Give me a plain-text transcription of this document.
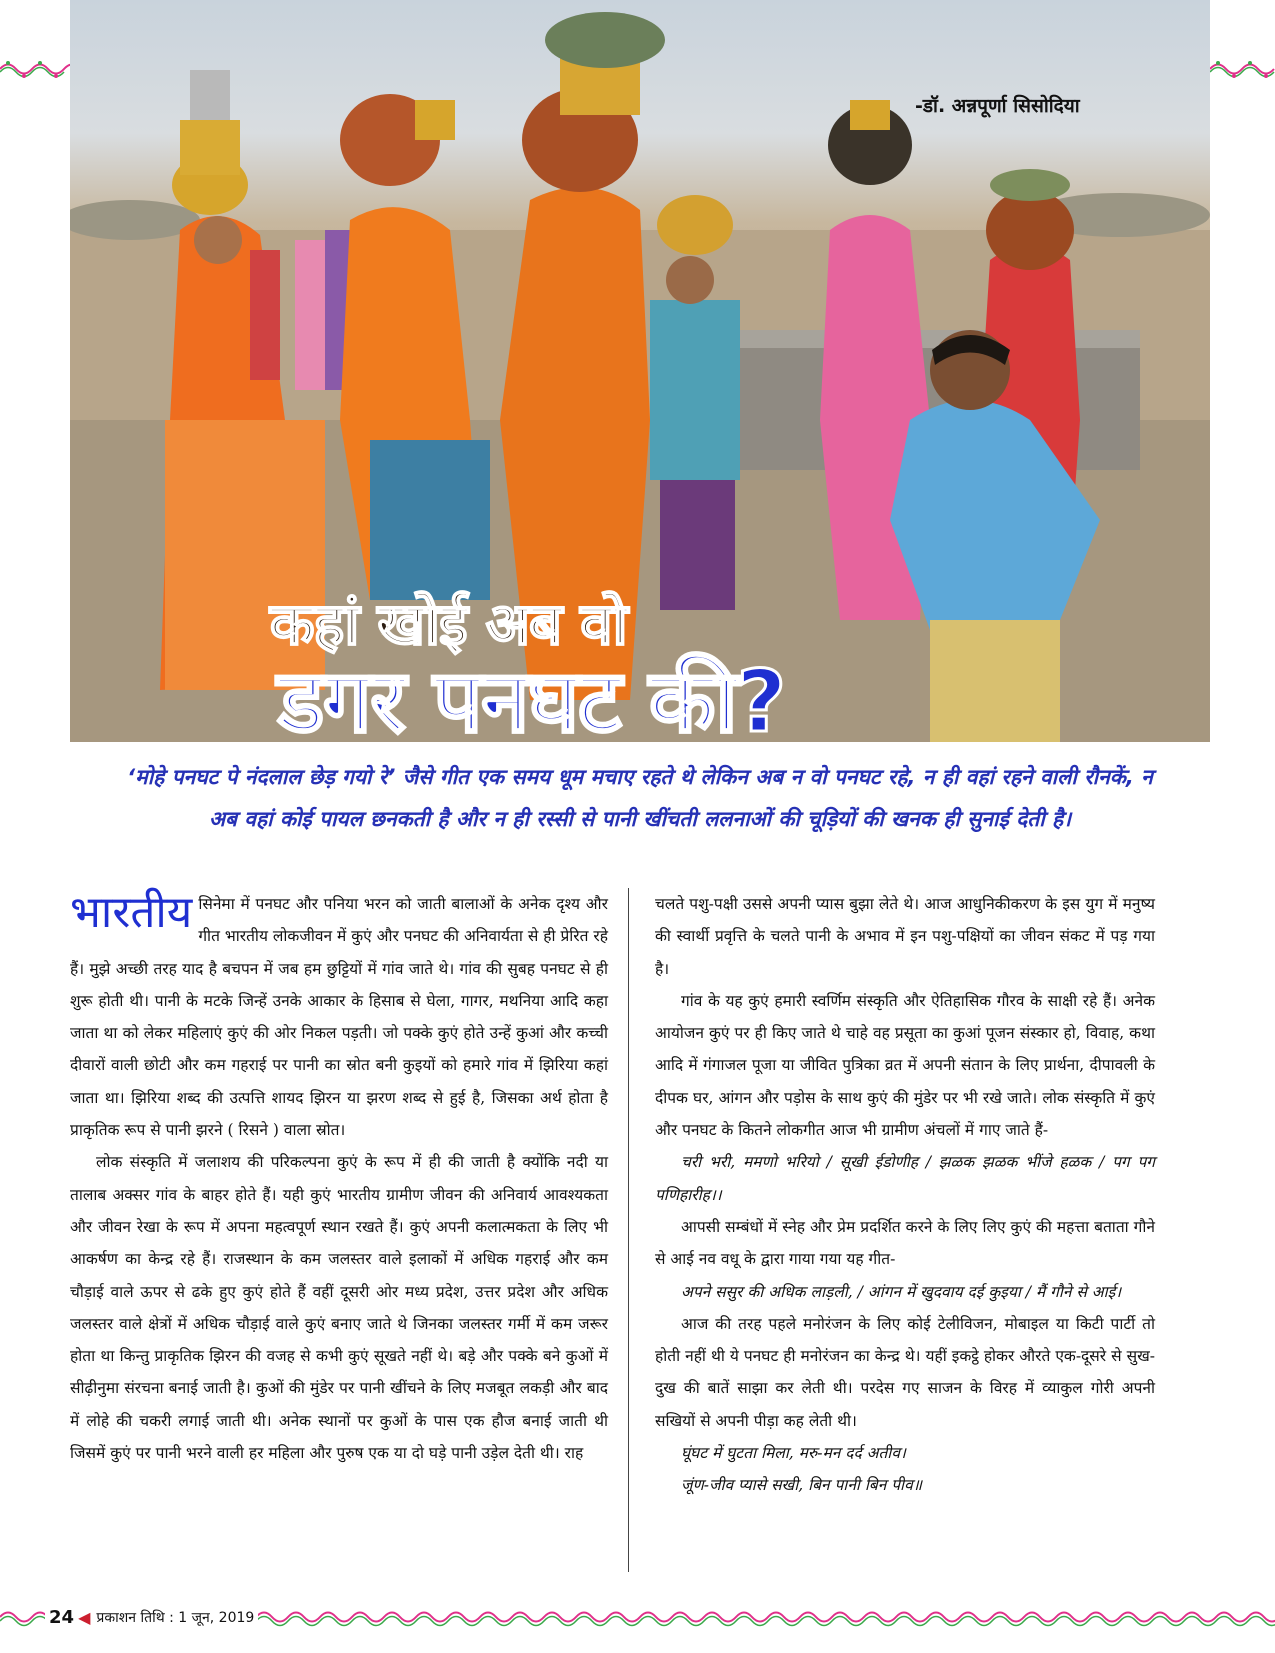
-डॉ. अन्नपूर्णा सिसोदिया
कहां खोई अब वो
डगर पनघट की?
‘मोहे पनघट पे नंदलाल छेड़ गयो रे’ जैसे गीत एक समय धूम मचाए रहते थे लेकिन अब न वो पनघट रहे, न ही वहां रहने वाली रौनकें, न अब वहां कोई पायल छनकती है और न ही रस्सी से पानी खींचती ललनाओं की चूड़ियों की खनक ही सुनाई देती है।

भारतीय सिनेमा में पनघट और पनिया भरन को जाती बालाओं के अनेक दृश्य और गीत भारतीय लोकजीवन में कुएं और पनघट की अनिवार्यता से ही प्रेरित रहे हैं। मुझे अच्छी तरह याद है बचपन में जब हम छुट्टियों में गांव जाते थे। गांव की सुबह पनघट से ही शुरू होती थी। पानी के मटके जिन्हें उनके आकार के हिसाब से घेला, गागर, मथनिया आदि कहा जाता था को लेकर महिलाएं कुएं की ओर निकल पड़ती। जो पक्के कुएं होते उन्हें कुआं और कच्ची दीवारों वाली छोटी और कम गहराई पर पानी का स्रोत बनी कुइयों को हमारे गांव में झिरिया कहां जाता था। झिरिया शब्द की उत्पत्ति शायद झिरन या झरण शब्द से हुई है, जिसका अर्थ होता है प्राकृतिक रूप से पानी झरने ( रिसने ) वाला स्रोत।

लोक संस्कृति में जलाशय की परिकल्पना कुएं के रूप में ही की जाती है क्योंकि नदी या तालाब अक्सर गांव के बाहर होते हैं। यही कुएं भारतीय ग्रामीण जीवन की अनिवार्य आवश्यकता और जीवन रेखा के रूप में अपना महत्वपूर्ण स्थान रखते हैं। कुएं अपनी कलात्मकता के लिए भी आकर्षण का केन्द्र रहे हैं। राजस्थान के कम जलस्तर वाले इलाकों में अधिक गहराई और कम चौड़ाई वाले ऊपर से ढके हुए कुएं होते हैं वहीं दूसरी ओर मध्य प्रदेश, उत्तर प्रदेश और अधिक जलस्तर वाले क्षेत्रों में अधिक चौड़ाई वाले कुएं बनाए जाते थे जिनका जलस्तर गर्मी में कम जरूर होता था किन्तु प्राकृतिक झिरन की वजह से कभी कुएं सूखते नहीं थे। बड़े और पक्के बने कुओं में सीढ़ीनुमा संरचना बनाई जाती है। कुओं की मुंडेर पर पानी खींचने के लिए मजबूत लकड़ी और बाद में लोहे की चकरी लगाई जाती थी। अनेक स्थानों पर कुओं के पास एक हौज बनाई जाती थी जिसमें कुएं पर पानी भरने वाली हर महिला और पुरुष एक या दो घड़े पानी उड़ेल देती थी। राह

चलते पशु-पक्षी उससे अपनी प्यास बुझा लेते थे। आज आधुनिकीकरण के इस युग में मनुष्य की स्वार्थी प्रवृत्ति के चलते पानी के अभाव में इन पशु-पक्षियों का जीवन संकट में पड़ गया है।

गांव के यह कुएं हमारी स्वर्णिम संस्कृति और ऐतिहासिक गौरव के साक्षी रहे हैं। अनेक आयोजन कुएं पर ही किए जाते थे चाहे वह प्रसूता का कुआं पूजन संस्कार हो, विवाह, कथा आदि में गंगाजल पूजा या जीवित पुत्रिका व्रत में अपनी संतान के लिए प्रार्थना, दीपावली के दीपक घर, आंगन और पड़ोस के साथ कुएं की मुंडेर पर भी रखे जाते। लोक संस्कृति में कुएं और पनघट के कितने लोकगीत आज भी ग्रामीण अंचलों में गाए जाते हैं-

चरी भरी, ममणो भरियो / सूखी ईडोणीह / झळक झळक भींजे हळक / पग पग पणिहारीह।।

आपसी सम्बंधों में स्नेह और प्रेम प्रदर्शित करने के लिए लिए कुएं की महत्ता बताता गौने से आई नव वधू के द्वारा गाया गया यह गीत-

अपने ससुर की अधिक लाड़ली, / आंगन में खुदवाय दई कुइया / मैं गौने से आई।

आज की तरह पहले मनोरंजन के लिए कोई टेलीविजन, मोबाइल या किटी पार्टी तो होती नहीं थी ये पनघट ही मनोरंजन का केन्द्र थे। यहीं इकट्ठे होकर औरते एक-दूसरे से सुख-दुख की बातें साझा कर लेती थी। परदेस गए साजन के विरह में व्याकुल गोरी अपनी सखियों से अपनी पीड़ा कह लेती थी।

घूंघट में घुटता मिला, मरु-मन दर्द अतीव।

जूंण-जीव प्यासे सखी, बिन पानी बिन पीव॥

24 ◀ प्रकाशन तिथि : 1 जून, 2019
